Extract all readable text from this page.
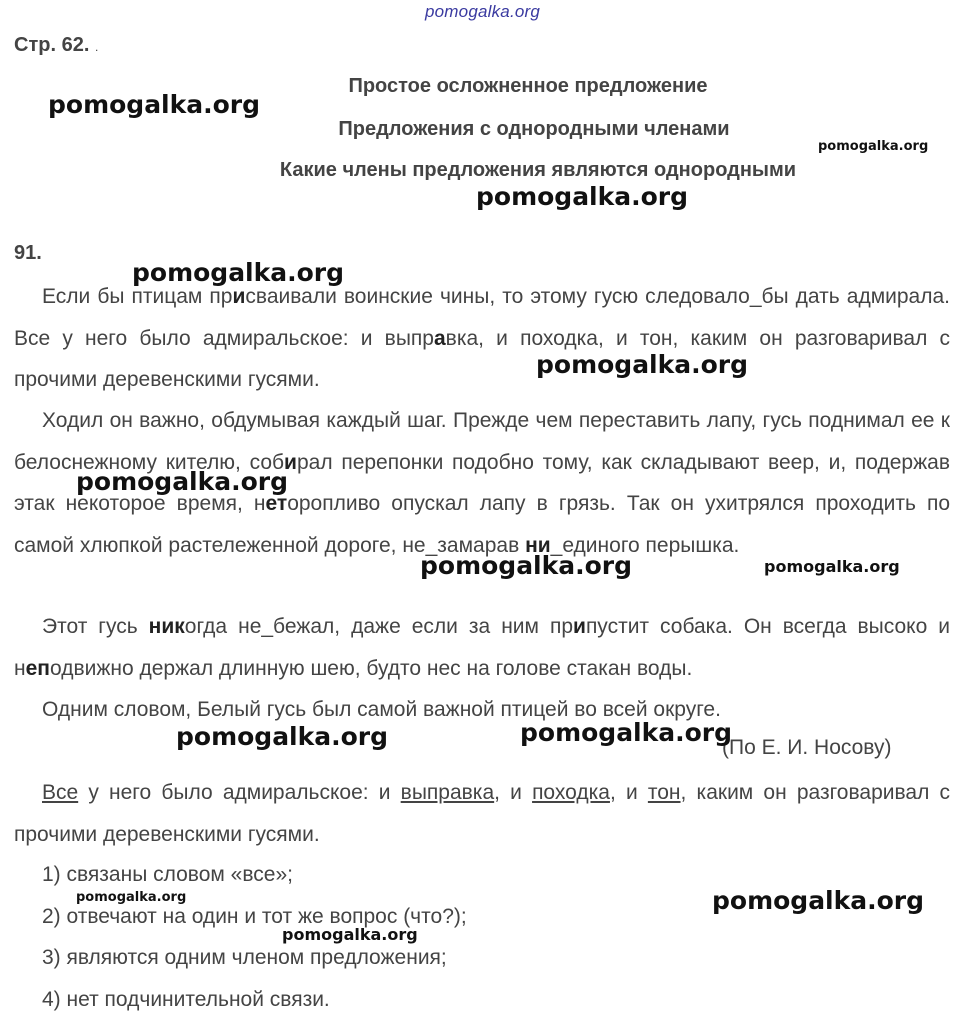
pomogalka.org
Стр. 62. .
Простое осложненное предложение
Предложения с однородными членами
Какие члены предложения являются однородными
91.
Если бы птицам присваивали воинские чины, то этому гусю следовало_бы дать адмирала. Все у него было адмиральское: и выправка, и походка, и тон, каким он разговаривал с прочими деревенскими гусями.
Ходил он важно, обдумывая каждый шаг. Прежде чем переставить лапу, гусь поднимал ее к белоснежному кителю, собирал перепонки подобно тому, как складывают веер, и, подержав этак некоторое время, неторопливо опускал лапу в грязь. Так он ухитрялся проходить по самой хлюпкой растележенной дороге, не_замарав ни_единого перышка.
Этот гусь никогда не_бежал, даже если за ним припустит собака. Он всегда высоко и неподвижно держал длинную шею, будто нес на голове стакан воды.
Одним словом, Белый гусь был самой важной птицей во всей округе.
(По Е. И. Носову)
Все у него было адмиральское: и выправка, и походка, и тон, каким он разговаривал с прочими деревенскими гусями.
1) связаны словом «все»;
2) отвечают на один и тот же вопрос (что?);
3) являются одним членом предложения;
4) нет подчинительной связи.
pomogalka.org
pomogalka.org
pomogalka.org
pomogalka.org
pomogalka.org
pomogalka.org
pomogalka.org	pomogalka.org
pomogalka.org	pomogalka.org
pomogalka.org
pomogalka.org
pomogalka.org
